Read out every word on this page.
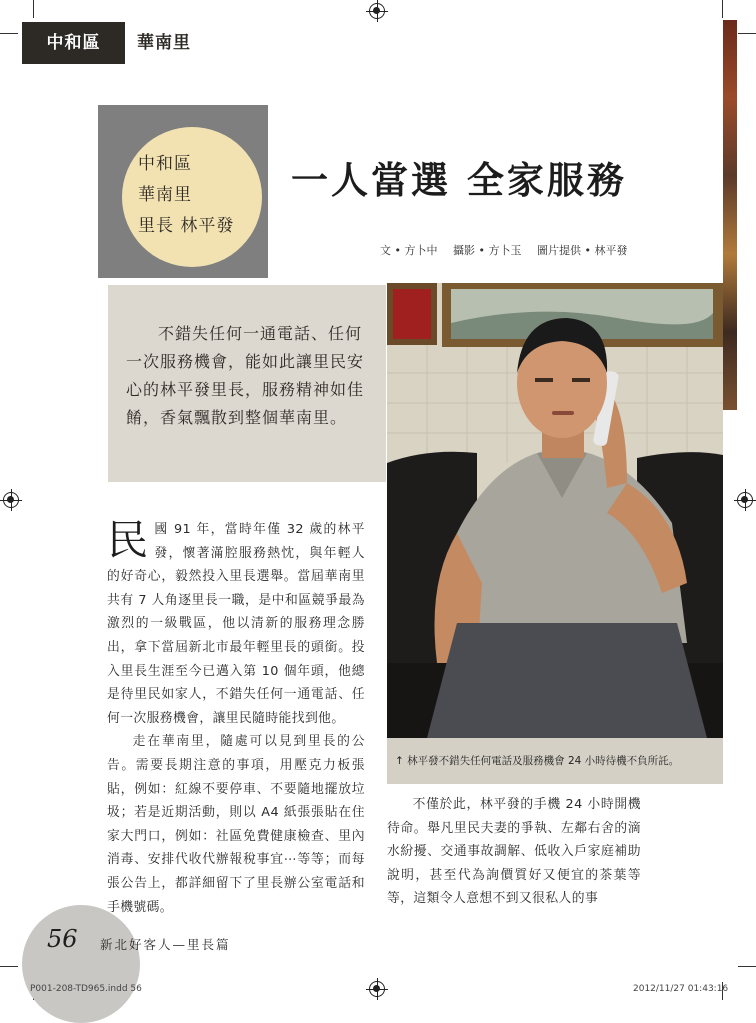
中和區	華南里
中和區
華南里
里長 林平發
一人當選 全家服務
文 • 方卜中 攝影 • 方卜玉 圖片提供 • 林平發
不錯失任何一通電話、任何一次服務機會，能如此讓里民安心的林平發里長，服務精神如佳餚，香氣飄散到整個華南里。
↑ 林平發不錯失任何電話及服務機會 24 小時待機不負所託。

民國 91 年，當時年僅 32 歲的林平發，懷著滿腔服務熱忱，與年輕人的好奇心，毅然投入里長選舉。當屆華南里共有 7 人角逐里長一職，是中和區競爭最為激烈的一級戰區，他以清新的服務理念勝出，拿下當屆新北市最年輕里長的頭銜。投入里長生涯至今已邁入第 10 個年頭，他總是待里民如家人，不錯失任何一通電話、任何一次服務機會，讓里民隨時能找到他。

走在華南里，隨處可以見到里長的公告。需要長期注意的事項，用壓克力板張貼，例如：紅線不要停車、不要隨地擺放垃圾；若是近期活動，則以 A4 紙張張貼在住家大門口，例如：社區免費健康檢查、里內消毒、安排代收代辦報稅事宜⋯等等；而每張公告上，都詳細留下了里長辦公室電話和手機號碼。

不僅於此，林平發的手機 24 小時開機待命。舉凡里民夫妻的爭執、左鄰右舍的滴水紛擾、交通事故調解、低收入戶家庭補助說明，甚至代為詢價質好又便宜的茶葉等等，這類令人意想不到又很私人的事

56 新北好客人—里長篇
P001-208-TD965.indd 56	2012/11/27 01:43:16
